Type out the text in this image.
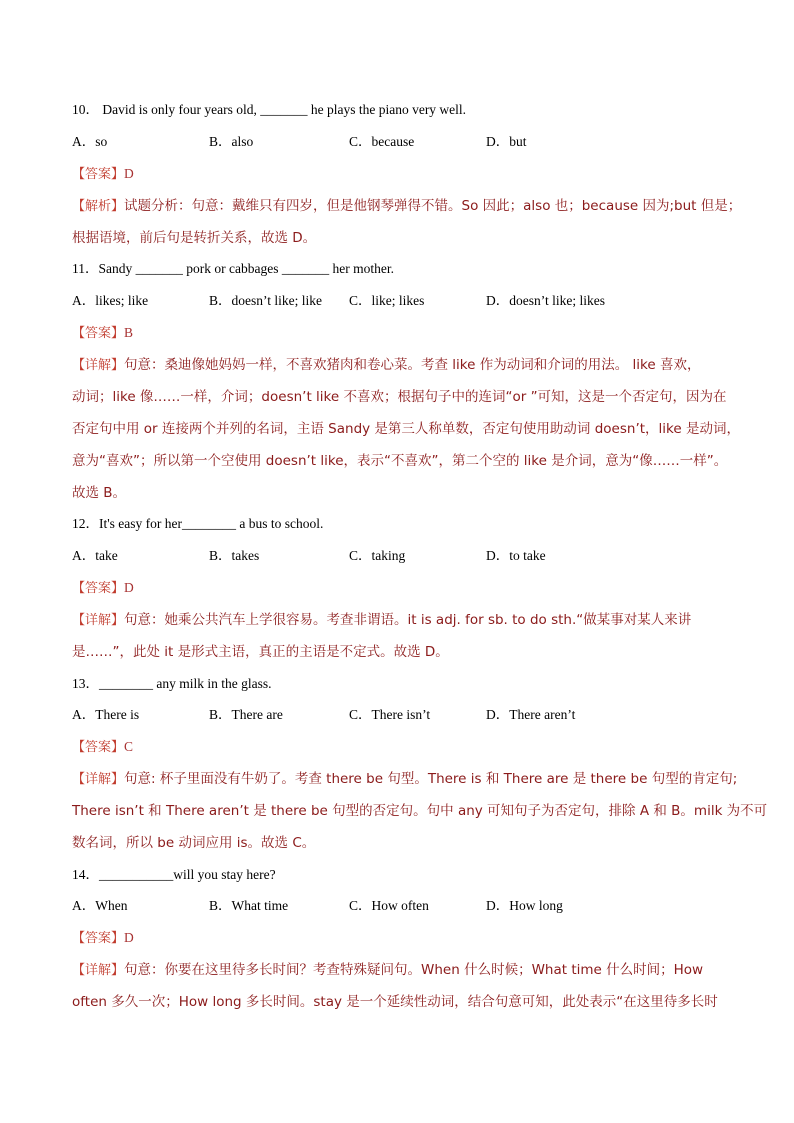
10． David is only four years old, _______ he plays the piano very well.
A．so	B．also	C．because	D．but
【答案】D
【解析】试题分析：句意：戴维只有四岁，但是他钢琴弹得不错。So 因此；also 也；because 因为;but 但是；
根据语境，前后句是转折关系，故选 D。
11．Sandy _______ pork or cabbages _______ her mother.
A．likes; like	B．doesn’t like; like C．like; likes	D．doesn’t like; likes
【答案】B
【详解】句意：桑迪像她妈妈一样，不喜欢猪肉和卷心菜。考查 like 作为动词和介词的用法。 like 喜欢，
动词；like 像……一样，介词；doesn’t like 不喜欢；根据句子中的连词“or ”可知，这是一个否定句，因为在
否定句中用 or 连接两个并列的名词，主语 Sandy 是第三人称单数，否定句使用助动词 doesn’t，like 是动词，
意为“喜欢”；所以第一个空使用 doesn’t like，表示“不喜欢”，第二个空的 like 是介词，意为“像……一样”。
故选 B。
12．It's easy for her________ a bus to school.
A．take	B．takes	C．taking	D．to take
【答案】D
【详解】句意：她乘公共汽车上学很容易。考查非谓语。it is adj. for sb. to do sth.“做某事对某人来讲
是……”，此处 it 是形式主语，真正的主语是不定式。故选 D。
13．________ any milk in the glass.
A．There is	B．There are	C．There isn’t	D．There aren’t
【答案】C
【详解】句意: 杯子里面没有牛奶了。考查 there be 句型。There is 和 There are 是 there be 句型的肯定句;
There isn’t 和 There aren’t 是 there be 句型的否定句。句中 any 可知句子为否定句，排除 A 和 B。milk 为不可
数名词，所以 be 动词应用 is。故选 C。
14．___________will you stay here?
A．When	B．What time	C．How often	D．How long
【答案】D
【详解】句意：你要在这里待多长时间？考查特殊疑问句。When 什么时候；What time 什么时间；How
often 多久一次；How long 多长时间。stay 是一个延续性动词，结合句意可知，此处表示“在这里待多长时
